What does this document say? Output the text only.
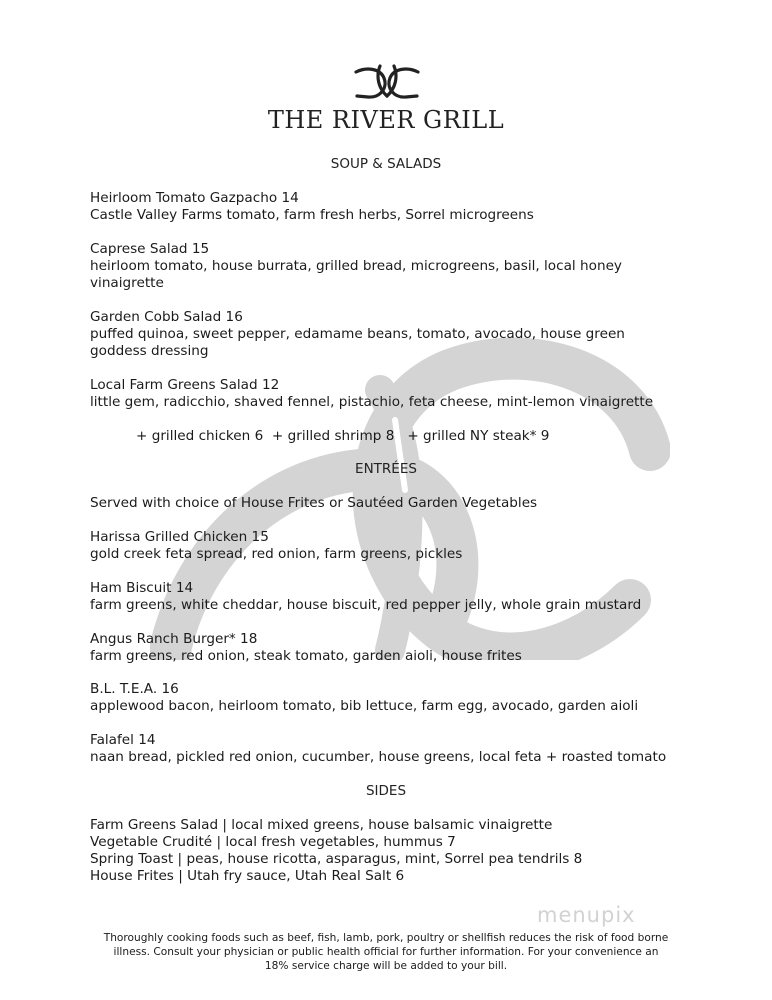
THE RIVER GRILL
SOUP & SALADS
Heirloom Tomato Gazpacho 14
Castle Valley Farms tomato, farm fresh herbs, Sorrel microgreens
Caprese Salad 15
heirloom tomato, house burrata, grilled bread, microgreens, basil, local honey
vinaigrette
Garden Cobb Salad 16
puffed quinoa, sweet pepper, edamame beans, tomato, avocado, house green
goddess dressing
Local Farm Greens Salad 12
little gem, radicchio, shaved fennel, pistachio, feta cheese, mint-lemon vinaigrette
+ grilled chicken 6  + grilled shrimp 8   + grilled NY steak* 9
ENTRÉES
Served with choice of House Frites or Sautéed Garden Vegetables
Harissa Grilled Chicken 15
gold creek feta spread, red onion, farm greens, pickles
Ham Biscuit 14
farm greens, white cheddar, house biscuit, red pepper jelly, whole grain mustard
Angus Ranch Burger* 18
farm greens, red onion, steak tomato, garden aioli, house frites
B.L. T.E.A. 16
applewood bacon, heirloom tomato, bib lettuce, farm egg, avocado, garden aioli
Falafel 14
naan bread, pickled red onion, cucumber, house greens, local feta + roasted tomato
SIDES
Farm Greens Salad | local mixed greens, house balsamic vinaigrette
Vegetable Crudité | local fresh vegetables, hummus 7
Spring Toast | peas, house ricotta, asparagus, mint, Sorrel pea tendrils 8
House Frites | Utah fry sauce, Utah Real Salt 6
menupix
Thoroughly cooking foods such as beef, fish, lamb, pork, poultry or shellfish reduces the risk of food borne
illness. Consult your physician or public health official for further information. For your convenience an
18% service charge will be added to your bill.
